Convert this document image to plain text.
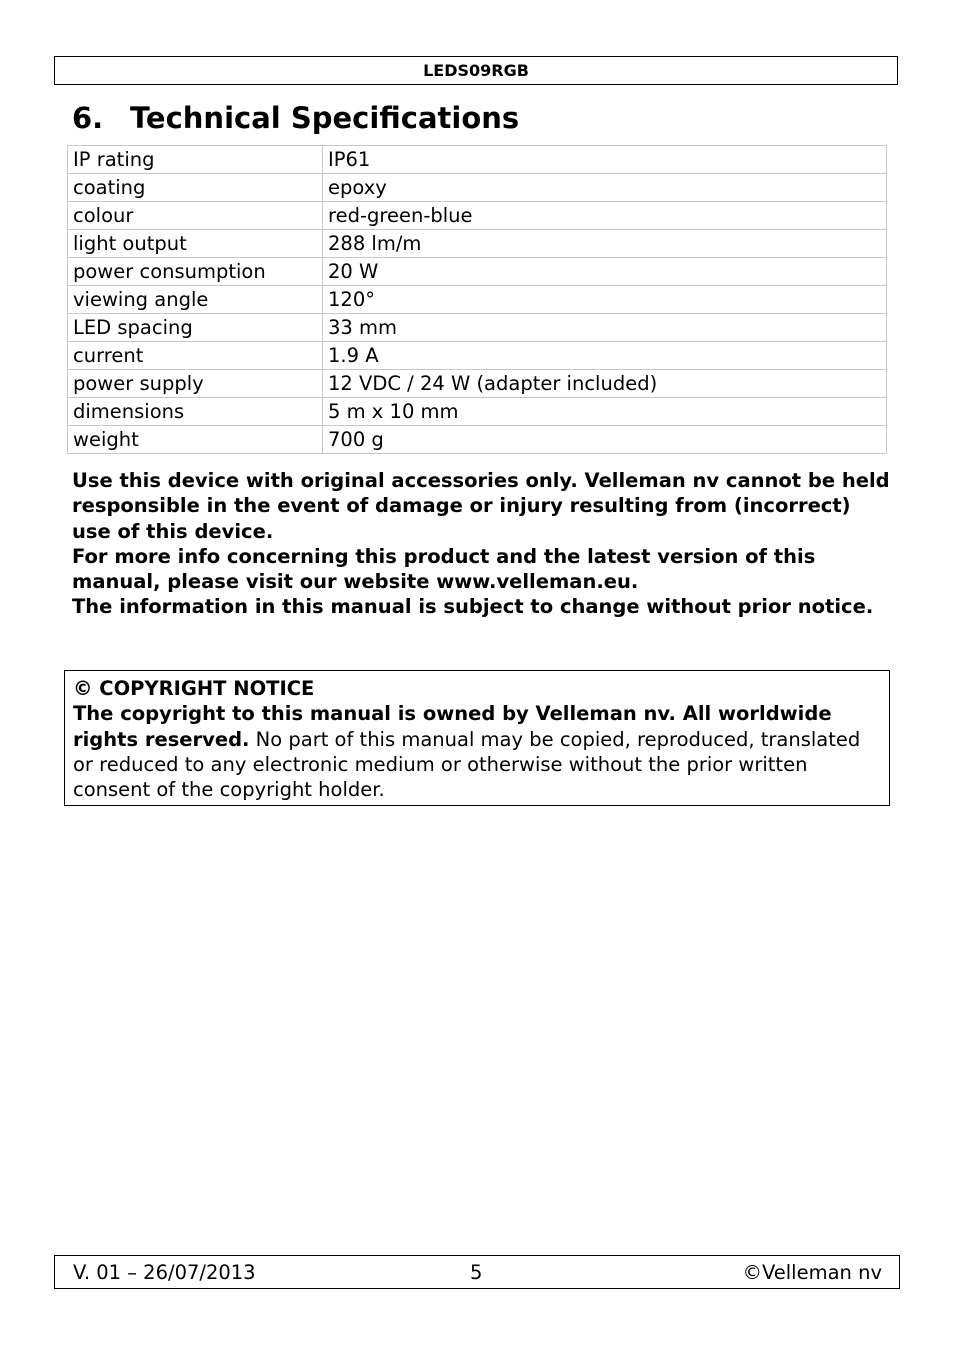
LEDS09RGB
6. Technical Specifications
IP rating	IP61
coating	epoxy
colour	red-green-blue
light output	288 lm/m
power consumption	20 W
viewing angle	120°
LED spacing	33 mm
current	1.9 A
power supply	12 VDC / 24 W (adapter included)
dimensions	5 m x 10 mm
weight	700 g

Use this device with original accessories only. Velleman nv cannot be held responsible in the event of damage or injury resulting from (incorrect) use of this device.

For more info concerning this product and the latest version of this manual, please visit our website www.velleman.eu.

The information in this manual is subject to change without prior notice.

© COPYRIGHT NOTICE

The copyright to this manual is owned by Velleman nv. All worldwide rights reserved. No part of this manual may be copied, reproduced, translated or reduced to any electronic medium or otherwise without the prior written consent of the copyright holder.

V. 01 – 26/07/2013	5	©Velleman nv
